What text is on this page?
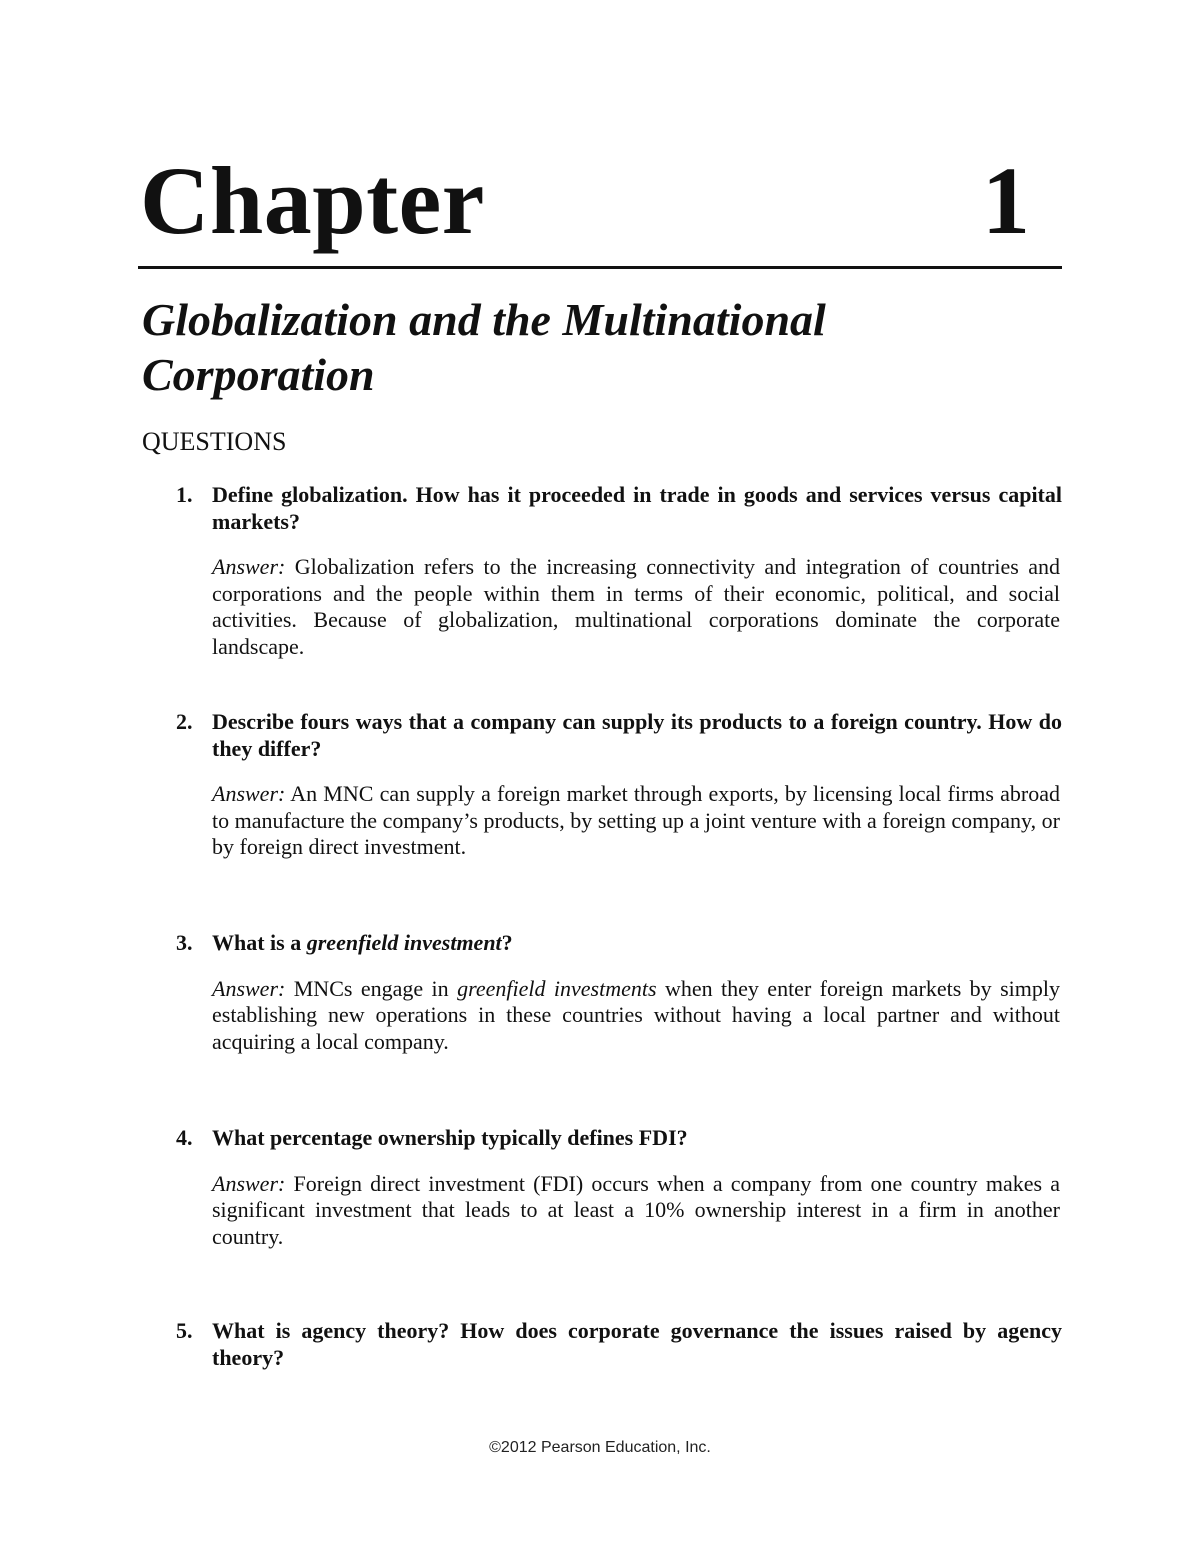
Chapter	1
Globalization and the Multinational Corporation
QUESTIONS
1. Define globalization. How has it proceeded in trade in goods and services versus capital markets?
Answer: Globalization refers to the increasing connectivity and integration of countries and corporations and the people within them in terms of their economic, political, and social activities. Because of globalization, multinational corporations dominate the corporate landscape.
2. Describe fours ways that a company can supply its products to a foreign country. How do they differ?
Answer: An MNC can supply a foreign market through exports, by licensing local firms abroad to manufacture the company’s products, by setting up a joint venture with a foreign company, or by foreign direct investment.
3. What is a greenfield investment?
Answer: MNCs engage in greenfield investments when they enter foreign markets by simply establishing new operations in these countries without having a local partner and without acquiring a local company.
4. What percentage ownership typically defines FDI?
Answer: Foreign direct investment (FDI) occurs when a company from one country makes a significant investment that leads to at least a 10% ownership interest in a firm in another country.
5. What is agency theory? How does corporate governance the issues raised by agency theory?
©2012 Pearson Education, Inc.
